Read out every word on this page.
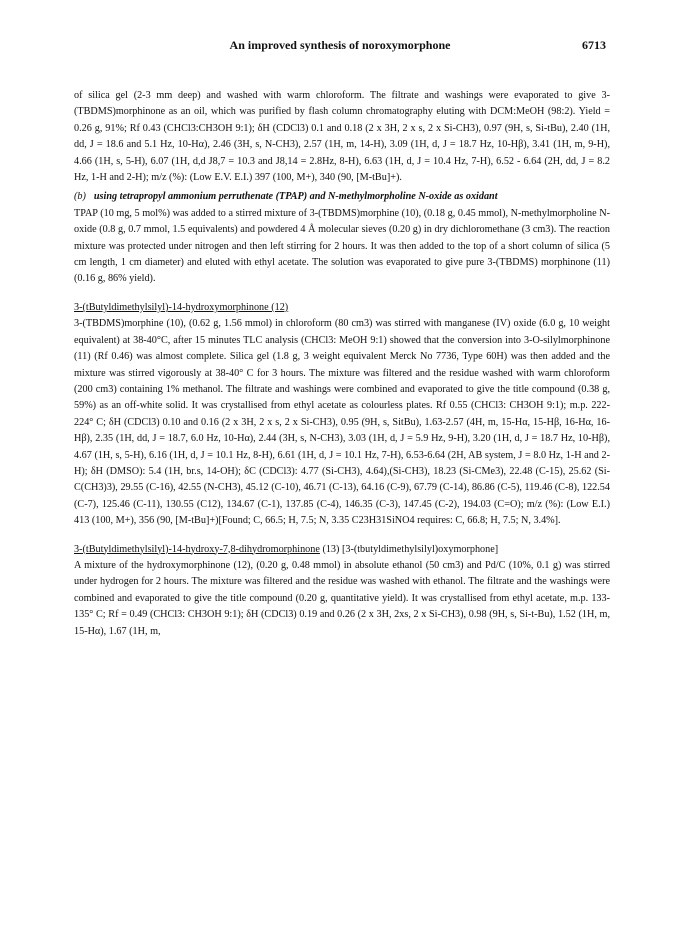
An improved synthesis of noroxymorphone	6713

of silica gel (2-3 mm deep) and washed with warm chloroform. The filtrate and washings were evaporated to give 3-(TBDMS)morphinone as an oil, which was purified by flash column chromatography eluting with DCM:MeOH (98:2). Yield = 0.26 g, 91%; Rf 0.43 (CHCl3:CH3OH 9:1); δH (CDCl3) 0.1 and 0.18 (2 x 3H, 2 x s, 2 x Si-CH3), 0.97 (9H, s, Si-tBu), 2.40 (1H, dd, J = 18.6 and 5.1 Hz, 10-Hα), 2.46 (3H, s, N-CH3), 2.57 (1H, m, 14-H), 3.09 (1H, d, J = 18.7 Hz, 10-Hβ), 3.41 (1H, m, 9-H), 4.66 (1H, s, 5-H), 6.07 (1H, d,d J8,7 = 10.3 and J8,14 = 2.8Hz, 8-H), 6.63 (1H, d, J = 10.4 Hz, 7-H), 6.52 - 6.64 (2H, dd, J = 8.2 Hz, 1-H and 2-H); m/z (%): (Low E.V. E.I.) 397 (100, M+), 340 (90, [M-tBu]+).

(b) using tetrapropyl ammonium perruthenate (TPAP) and N-methylmorpholine N-oxide as oxidant

TPAP (10 mg, 5 mol%) was added to a stirred mixture of 3-(TBDMS)morphine (10), (0.18 g, 0.45 mmol), N-methylmorpholine N-oxide (0.8 g, 0.7 mmol, 1.5 equivalents) and powdered 4 Å molecular sieves (0.20 g) in dry dichloromethane (3 cm3). The reaction mixture was protected under nitrogen and then left stirring for 2 hours. It was then added to the top of a short column of silica (5 cm length, 1 cm diameter) and eluted with ethyl acetate. The solution was evaporated to give pure 3-(TBDMS) morphinone (11) (0.16 g, 86% yield).

3-(tButyldimethylsilyl)-14-hydroxymorphinone (12)

3-(TBDMS)morphine (10), (0.62 g, 1.56 mmol) in chloroform (80 cm3) was stirred with manganese (IV) oxide (6.0 g, 10 weight equivalent) at 38-40°C, after 15 minutes TLC analysis (CHCl3: MeOH 9:1) showed that the conversion into 3-O-silylmorphinone (11) (Rf 0.46) was almost complete. Silica gel (1.8 g, 3 weight equivalent Merck No 7736, Type 60H) was then added and the mixture was stirred vigorously at 38-40° C for 3 hours. The mixture was filtered and the residue washed with warm chloroform (200 cm3) containing 1% methanol. The filtrate and washings were combined and evaporated to give the title compound (0.38 g, 59%) as an off-white solid. It was crystallised from ethyl acetate as colourless plates. Rf 0.55 (CHCl3: CH3OH 9:1); m.p. 222-224° C; δH (CDCl3) 0.10 and 0.16 (2 x 3H, 2 x s, 2 x Si-CH3), 0.95 (9H, s, SitBu), 1.63-2.57 (4H, m, 15-Hα, 15-Hβ, 16-Hα, 16-Hβ), 2.35 (1H, dd, J = 18.7, 6.0 Hz, 10-Hα), 2.44 (3H, s, N-CH3), 3.03 (1H, d, J = 5.9 Hz, 9-H), 3.20 (1H, d, J = 18.7 Hz, 10-Hβ), 4.67 (1H, s, 5-H), 6.16 (1H, d, J = 10.1 Hz, 8-H), 6.61 (1H, d, J = 10.1 Hz, 7-H), 6.53-6.64 (2H, AB system, J = 8.0 Hz, 1-H and 2-H); δH (DMSO): 5.4 (1H, br.s, 14-OH); δC (CDCl3): 4.77 (Si-CH3), 4.64),(Si-CH3), 18.23 (Si-CMe3), 22.48 (C-15), 25.62 (Si-C(CH3)3), 29.55 (C-16), 42.55 (N-CH3), 45.12 (C-10), 46.71 (C-13), 64.16 (C-9), 67.79 (C-14), 86.86 (C-5), 119.46 (C-8), 122.54 (C-7), 125.46 (C-11), 130.55 (C12), 134.67 (C-1), 137.85 (C-4), 146.35 (C-3), 147.45 (C-2), 194.03 (C=O); m/z (%): (Low E.I.) 413 (100, M+), 356 (90, [M-tBu]+)[Found; C, 66.5; H, 7.5; N, 3.35 C23H31SiNO4 requires: C, 66.8; H, 7.5; N, 3.4%].

3-(tButyldimethylsilyl)-14-hydroxy-7,8-dihydromorphinone (13) [3-(tbutyldimethylsilyl)oxymorphone]

A mixture of the hydroxymorphinone (12), (0.20 g, 0.48 mmol) in absolute ethanol (50 cm3) and Pd/C (10%, 0.1 g) was stirred under hydrogen for 2 hours. The mixture was filtered and the residue was washed with ethanol. The filtrate and the washings were combined and evaporated to give the title compound (0.20 g, quantitative yield). It was crystallised from ethyl acetate, m.p. 133-135° C; Rf = 0.49 (CHCl3: CH3OH 9:1); δH (CDCl3) 0.19 and 0.26 (2 x 3H, 2xs, 2 x Si-CH3), 0.98 (9H, s, Si-t-Bu), 1.52 (1H, m, 15-Hα), 1.67 (1H, m,
